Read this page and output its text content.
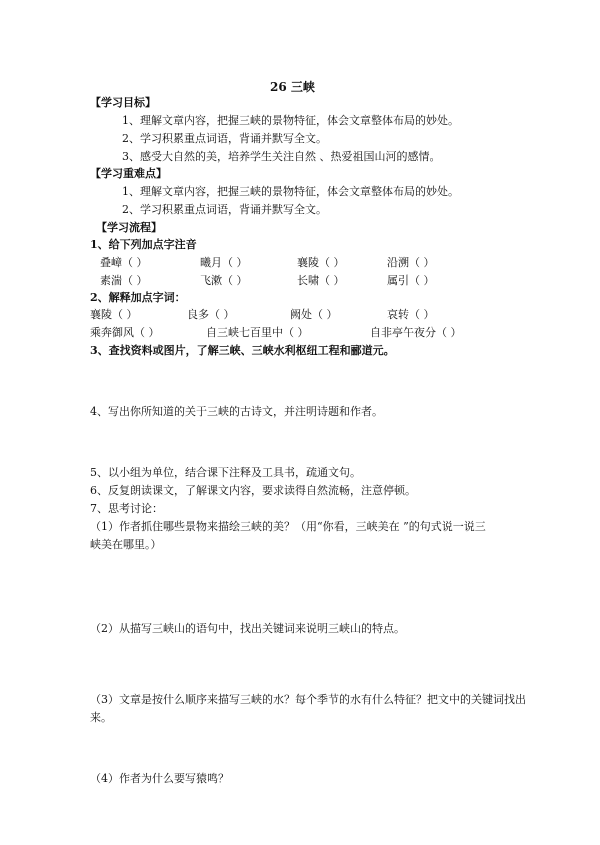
26 三峡
【学习目标】
1、理解文章内容，把握三峡的景物特征，体会文章整体布局的妙处。
2、学习积累重点词语，背诵并默写全文。
3、感受大自然的美，培养学生关注自然 、热爱祖国山河的感情。
【学习重难点】
1、理解文章内容，把握三峡的景物特征，体会文章整体布局的妙处。
2、学习积累重点词语，背诵并默写全文。
【学习流程】
1、给下列加点字注音
叠嶂（ ）	曦月（ ）	襄陵（ ）	沿溯（ ）
素湍（ ）	飞漱（ ）	长啸（ ）	属引（ ）
2、解释加点字词：
襄陵（ ）	良多（ ）	阙处（ ）	哀转（ ）
乘奔御风（ ）	自三峡七百里中（ ）	自非亭午夜分（ ）
3、查找资料或图片，了解三峡、三峡水利枢纽工程和郦道元。
4、写出你所知道的关于三峡的古诗文，并注明诗题和作者。
5、以小组为单位，结合课下注释及工具书，疏通文句。
6、反复朗读课文，了解课文内容，要求读得自然流畅，注意停顿。
7、思考讨论：
（1）作者抓住哪些景物来描绘三峡的美？（用“你看，三峡美在 ”的句式说一说三
峡美在哪里。）
（2）从描写三峡山的语句中，找出关键词来说明三峡山的特点。
（3）文章是按什么顺序来描写三峡的水？每个季节的水有什么特征？把文中的关键词找出
来。
（4）作者为什么要写猿鸣？
